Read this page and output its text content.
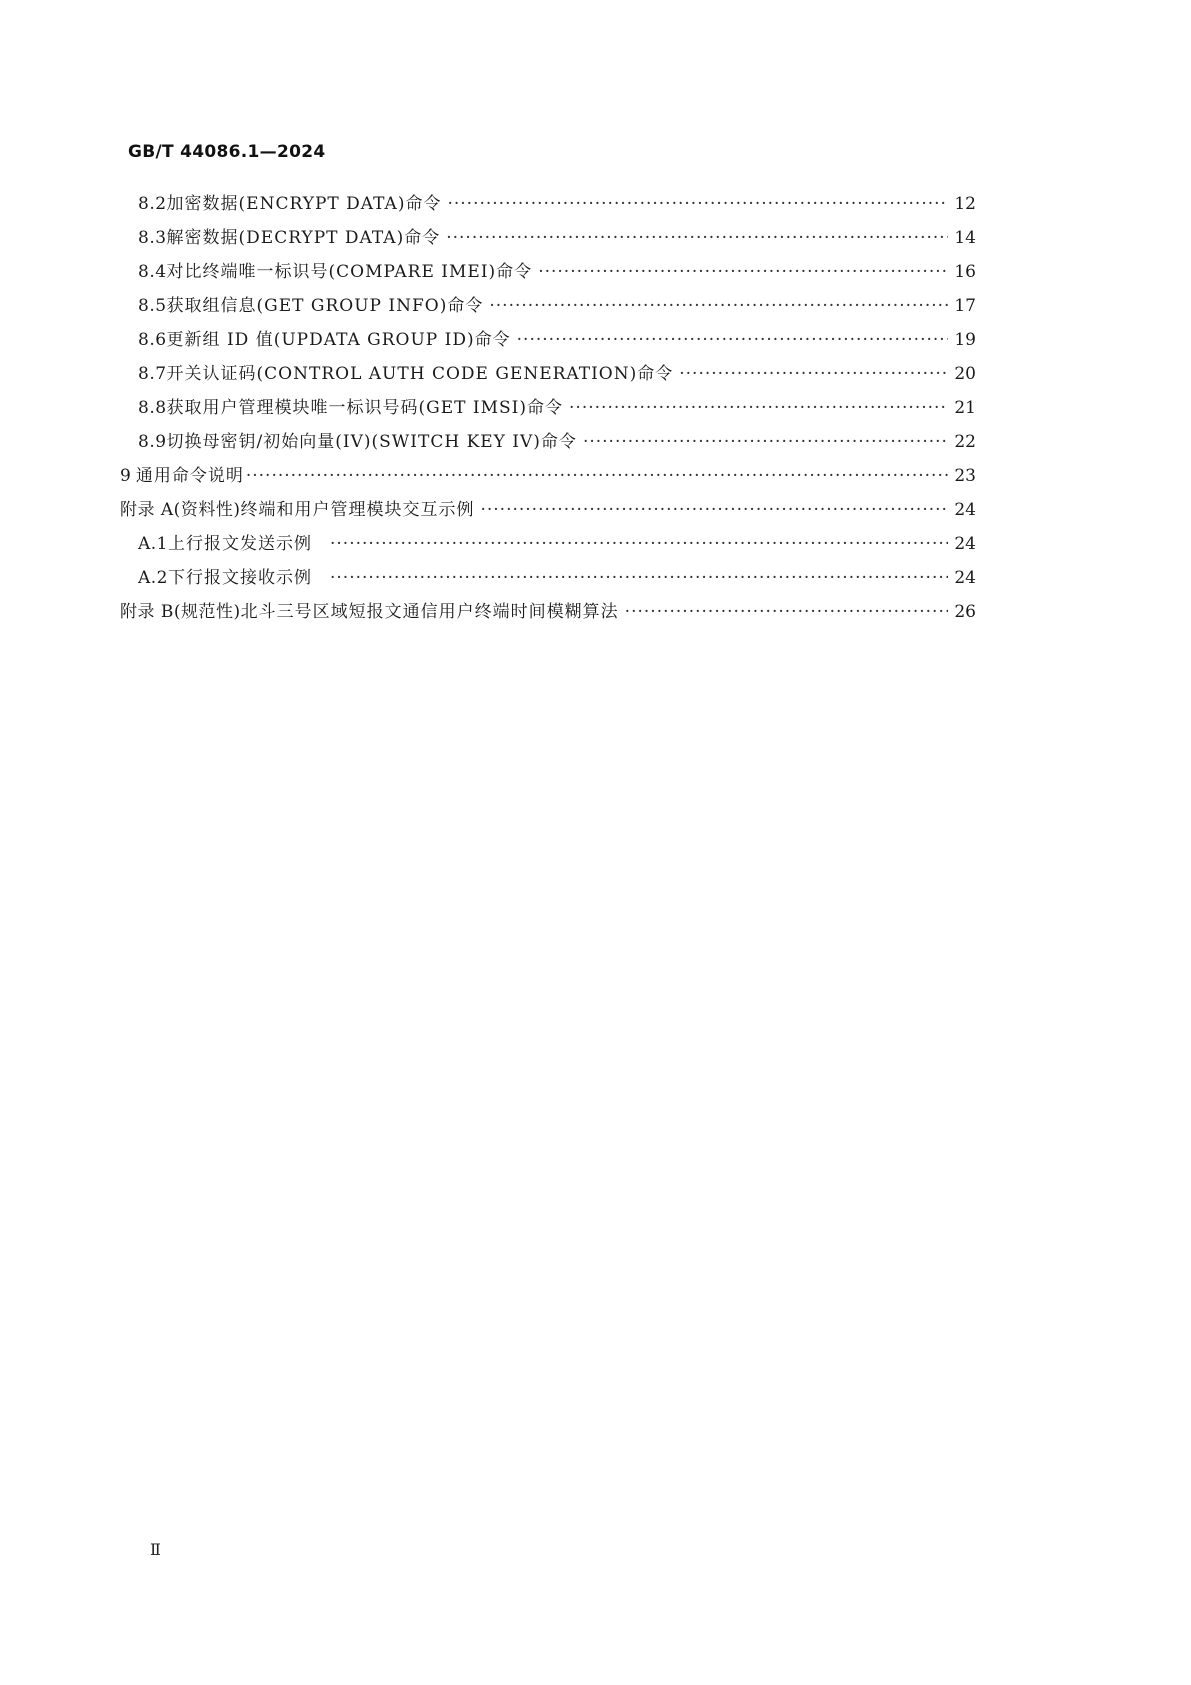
GB/T 44086.1—2024
8.2 加密数据(ENCRYPT DATA)命令 ·····	12
8.3 解密数据(DECRYPT DATA)命令 ·····	14
8.4 对比终端唯一标识号(COMPARE IMEI)命令 ·····	16
8.5 获取组信息(GET GROUP INFO)命令 ·····	17
8.6 更新组 ID 值(UPDATA GROUP ID)命令 ·····	19
8.7 开关认证码(CONTROL AUTH CODE GENERATION)命令 ·····	20
8.8 获取用户管理模块唯一标识号码(GET IMSI)命令 ·····	21
8.9 切换母密钥/初始向量(IV)(SWITCH KEY IV)命令 ·····	22
9 通用命令说明 ·····	23
附录 A(资料性) 终端和用户管理模块交互示例 ·····	24
A.1 上行报文发送示例 ·····	24
A.2 下行报文接收示例 ·····	24
附录 B(规范性) 北斗三号区域短报文通信用户终端时间模糊算法 ·····	26
Ⅱ
